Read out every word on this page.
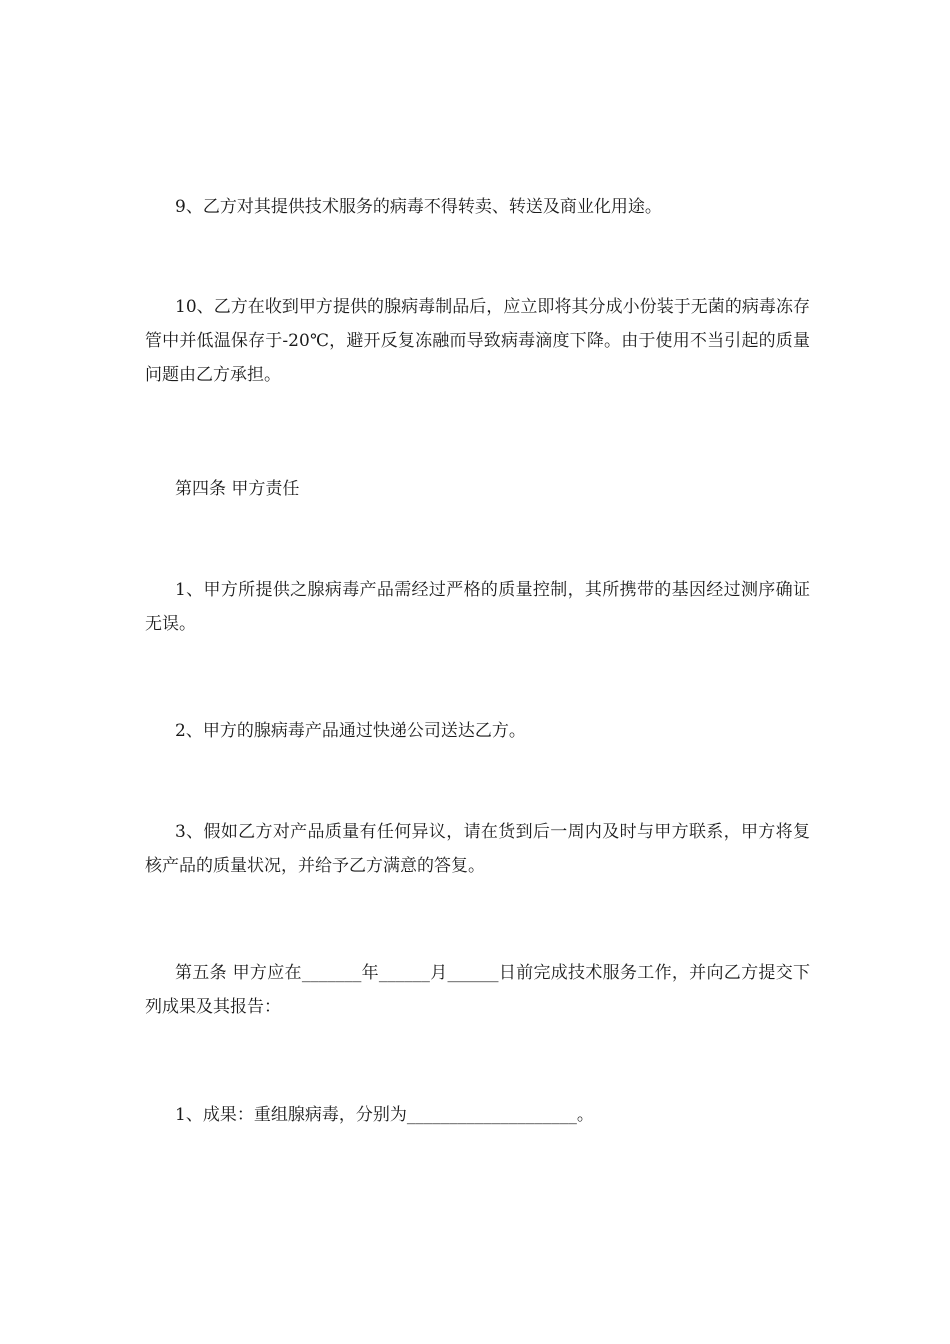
9、乙方对其提供技术服务的病毒不得转卖、转送及商业化用途。

10、乙方在收到甲方提供的腺病毒制品后，应立即将其分成小份装于无菌的病毒冻存管中并低温保存于-20℃，避开反复冻融而导致病毒滴度下降。由于使用不当引起的质量问题由乙方承担。

第四条 甲方责任

1、甲方所提供之腺病毒产品需经过严格的质量控制，其所携带的基因经过测序确证无误。

2、甲方的腺病毒产品通过快递公司送达乙方。

3、假如乙方对产品质量有任何异议，请在货到后一周内及时与甲方联系，甲方将复核产品的质量状况，并给予乙方满意的答复。

第五条 甲方应在_______年______月______日前完成技术服务工作，并向乙方提交下列成果及其报告：

1、成果：重组腺病毒，分别为____________________。
